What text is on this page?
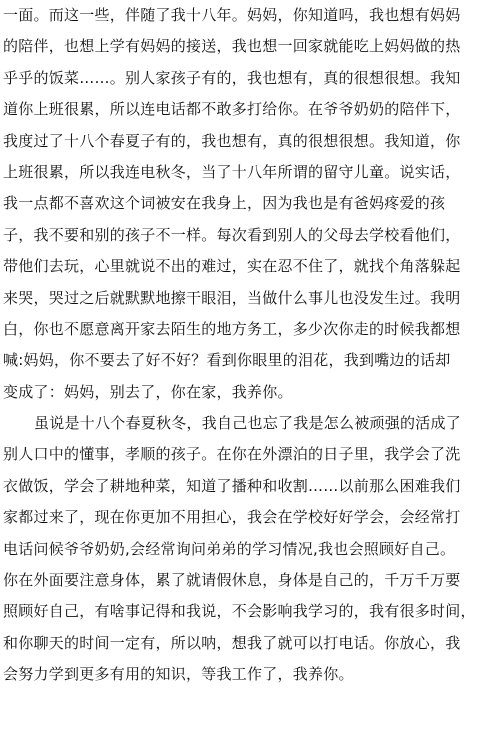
一面。而这一些，伴随了我十八年。妈妈，你知道吗，我也想有妈妈
的陪伴，也想上学有妈妈的接送，我也想一回家就能吃上妈妈做的热
乎乎的饭菜……。别人家孩子有的，我也想有，真的很想很想。我知
道你上班很累，所以连电话都不敢多打给你。在爷爷奶奶的陪伴下，
我度过了十八个春夏子有的，我也想有，真的很想很想。我知道，你
上班很累，所以我连电秋冬，当了十八年所谓的留守儿童。说实话，
我一点都不喜欢这个词被安在我身上，因为我也是有爸妈疼爱的孩
子，我不要和别的孩子不一样。每次看到别人的父母去学校看他们，
带他们去玩，心里就说不出的难过，实在忍不住了，就找个角落躲起
来哭，哭过之后就默默地擦干眼泪，当做什么事儿也没发生过。我明
白，你也不愿意离开家去陌生的地方务工，多少次你走的时候我都想
喊:妈妈，你不要去了好不好？看到你眼里的泪花，我到嘴边的话却
变成了：妈妈，别去了，你在家，我养你。
虽说是十八个春夏秋冬，我自己也忘了我是怎么被顽强的活成了
别人口中的懂事，孝顺的孩子。在你在外漂泊的日子里，我学会了洗
衣做饭，学会了耕地种菜，知道了播种和收割……以前那么困难我们
家都过来了，现在你更加不用担心，我会在学校好好学会，会经常打
电话问候爷爷奶奶,会经常询问弟弟的学习情况,我也会照顾好自己。
你在外面要注意身体，累了就请假休息，身体是自己的，千万千万要
照顾好自己，有啥事记得和我说，不会影响我学习的，我有很多时间，
和你聊天的时间一定有，所以呐，想我了就可以打电话。你放心，我
会努力学到更多有用的知识，等我工作了，我养你。
